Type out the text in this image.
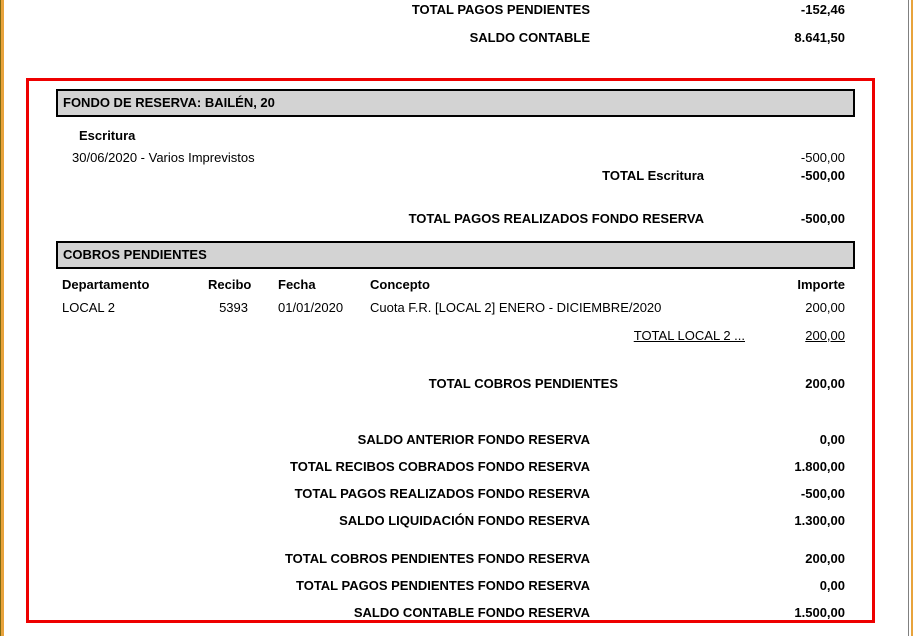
TOTAL PAGOS PENDIENTES	-152,46
SALDO CONTABLE	8.641,50
FONDO DE RESERVA: BAILÉN, 20
Escritura
30/06/2020 - Varios Imprevistos	-500,00
TOTAL Escritura	-500,00
TOTAL PAGOS REALIZADOS FONDO RESERVA	-500,00
COBROS PENDIENTES
Departamento	Recibo Fecha	Concepto	Importe
LOCAL 2	5393 01/01/2020	Cuota F.R. [LOCAL 2] ENERO - DICIEMBRE/2020	200,00
TOTAL LOCAL 2 ...	200,00
TOTAL COBROS PENDIENTES	200,00
SALDO ANTERIOR FONDO RESERVA	0,00
TOTAL RECIBOS COBRADOS FONDO RESERVA	1.800,00
TOTAL PAGOS REALIZADOS FONDO RESERVA	-500,00
SALDO LIQUIDACIÓN FONDO RESERVA	1.300,00
TOTAL COBROS PENDIENTES FONDO RESERVA	200,00
TOTAL PAGOS PENDIENTES FONDO RESERVA	0,00
SALDO CONTABLE FONDO RESERVA	1.500,00
